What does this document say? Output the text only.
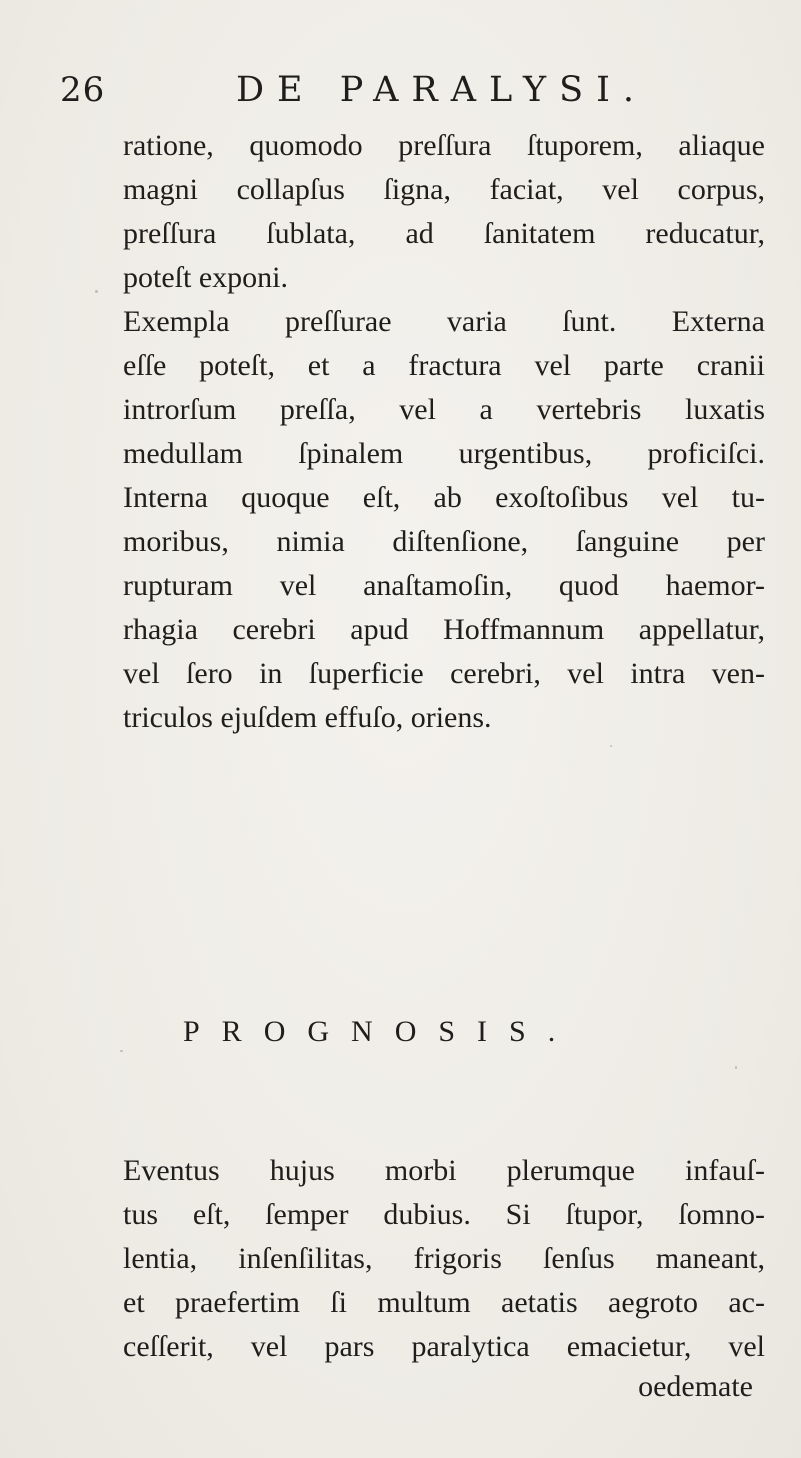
26	DE PARALYSI.
ratione, quomodo preſſura ſtuporem, aliaque
magni collapſus ſigna, faciat, vel corpus,
preſſura ſublata, ad ſanitatem reducatur,
poteſt exponi.
Exempla preſſurae varia ſunt. Externa
eſſe poteſt, et a fractura vel parte cranii
introrſum preſſa, vel a vertebris luxatis
medullam ſpinalem urgentibus, proficiſci.
Interna quoque eſt, ab exoſtoſibus vel tu-
moribus, nimia diſtenſione, ſanguine per
rupturam vel anaſtamoſin, quod haemor-
rhagia cerebri apud Hoffmannum appellatur,
vel ſero in ſuperficie cerebri, vel intra ven-
triculos ejuſdem effuſo, oriens.
PROGNOSIS.
Eventus hujus morbi plerumque infauſ-
tus eſt, ſemper dubius. Si ſtupor, ſomno-
lentia, inſenſilitas, frigoris ſenſus maneant,
et praefertim ſi multum aetatis aegroto ac-
ceſſerit, vel pars paralytica emacietur, vel
oedemate
